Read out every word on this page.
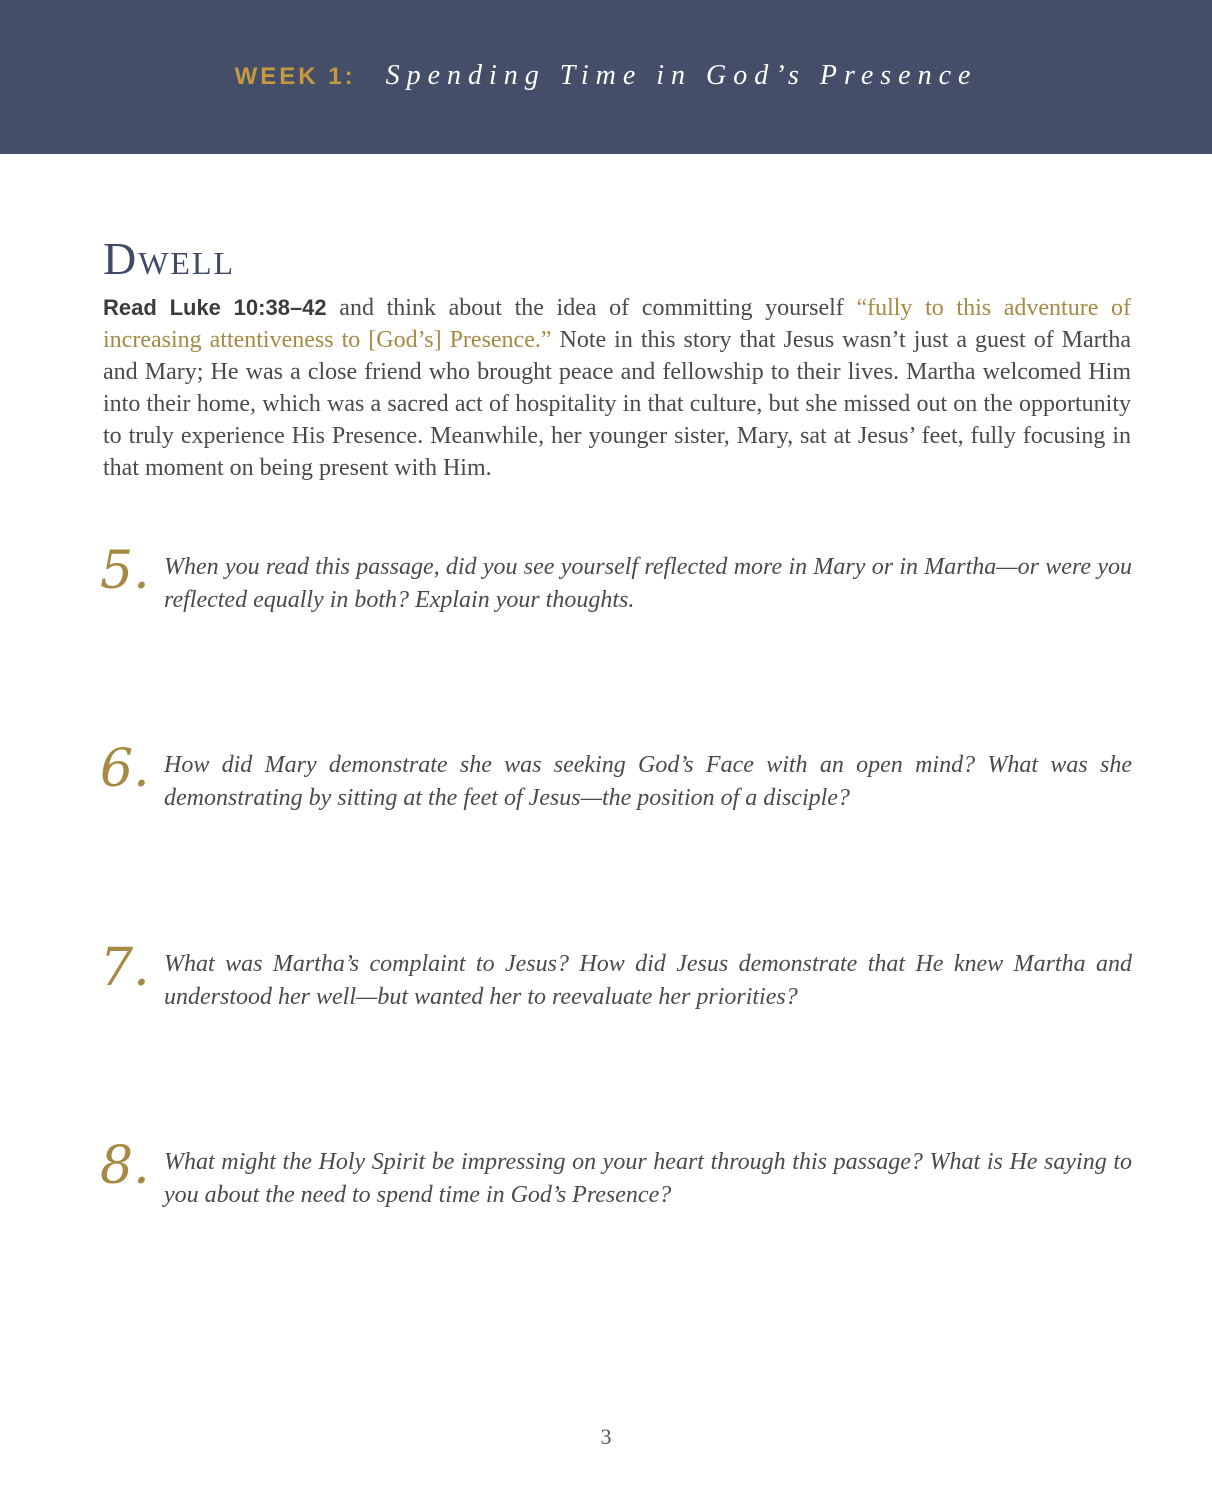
WEEK 1: Spending Time in God’s Presence
Dwell

Read Luke 10:38–42 and think about the idea of committing yourself “fully to this adventure of increasing attentiveness to [God’s] Presence.” Note in this story that Jesus wasn’t just a guest of Martha and Mary; He was a close friend who brought peace and fellowship to their lives. Martha welcomed Him into their home, which was a sacred act of hospitality in that culture, but she missed out on the opportunity to truly experience His Presence. Meanwhile, her younger sister, Mary, sat at Jesus’ feet, fully focusing in that moment on being present with Him.

5. When you read this passage, did you see yourself reflected more in Mary or in Martha—or were you reflected equally in both? Explain your thoughts.
6. How did Mary demonstrate she was seeking God’s Face with an open mind? What was she demonstrating by sitting at the feet of Jesus—the position of a disciple?
7. What was Martha’s complaint to Jesus? How did Jesus demonstrate that He knew Martha and understood her well—but wanted her to reevaluate her priorities?
8. What might the Holy Spirit be impressing on your heart through this passage? What is He saying to you about the need to spend time in God’s Presence?
3
